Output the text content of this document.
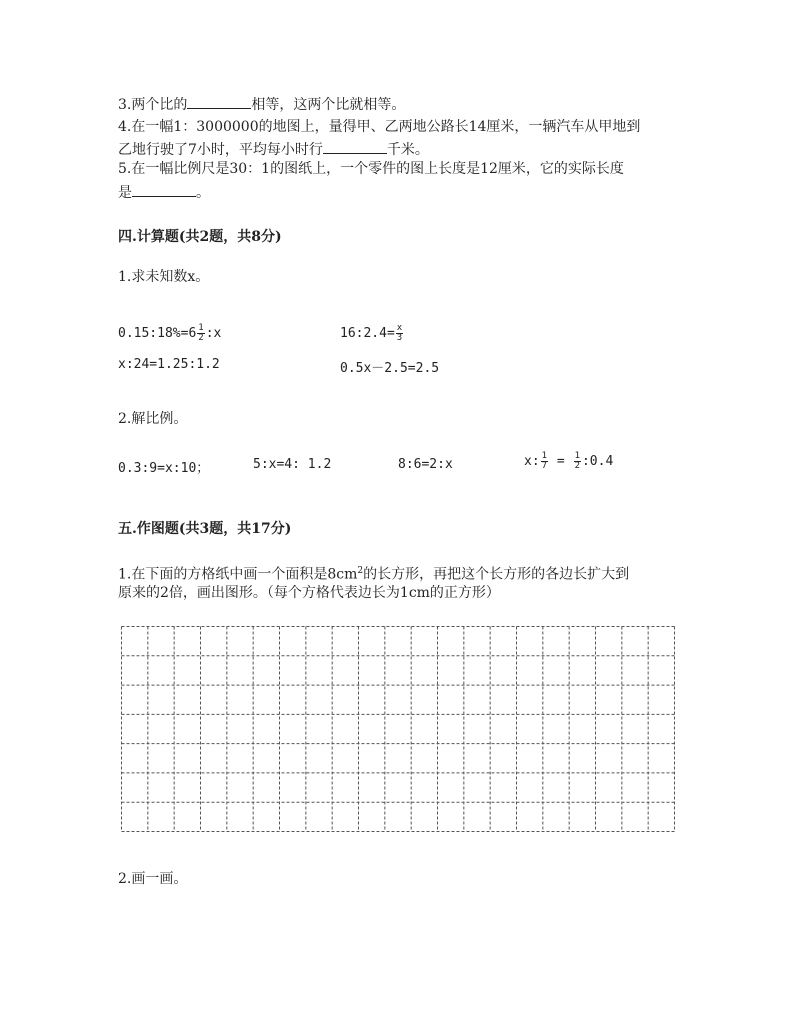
3.两个比的	相等，这两个比就相等。
4.在一幅1：3000000的地图上，量得甲、乙两地公路长14厘米，一辆汽车从甲地到
乙地行驶了7小时，平均每小时行	千米。
5.在一幅比例尺是30：1的图纸上，一个零件的图上长度是12厘米，它的实际长度
是	。
四.计算题(共2题，共8分)
1.求未知数x。
0.15:18%=6 $\frac{1}{2}$ :x	16:2.4= $\frac{x}{3}$
x:24=1.25:1.2	0.5x－2.5=2.5
2.解比例。
0.3:9=x:10；	5:x=4: 1.2	8:6=2:x	x: $\frac{1}{7} = \frac{1}{2}$ :0.4
五.作图题(共3题，共17分)
1.在下面的方格纸中画一个面积是$8cm^2$的长方形，再把这个长方形的各边长扩大到
原来的2倍，画出图形。（每个方格代表边长为1cm的正方形）
2.画一画。
